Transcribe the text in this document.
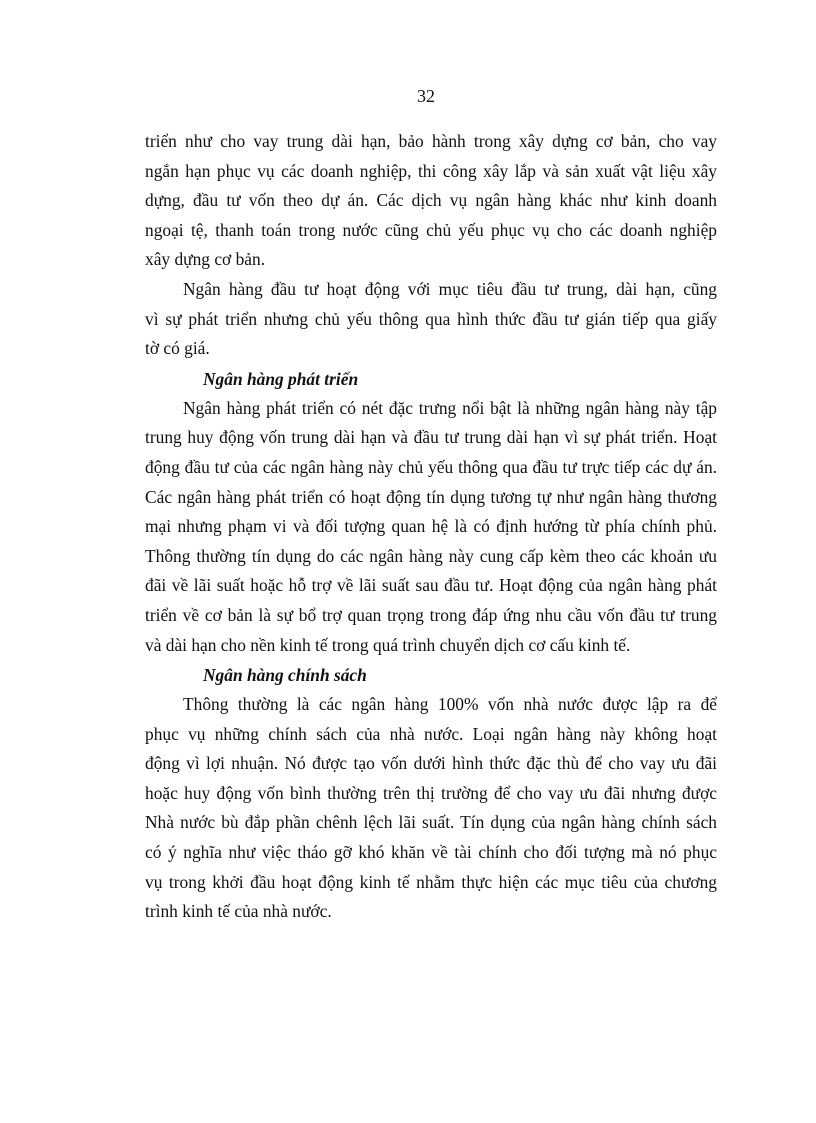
32

triển như cho vay trung dài hạn, bảo hành trong xây dựng cơ bản, cho vay
ngắn hạn phục vụ các doanh nghiệp, thi công xây lắp và sản xuất vật liệu xây
dựng, đầu tư vốn theo dự án. Các dịch vụ ngân hàng khác như kinh doanh
ngoại tệ, thanh toán trong nước cũng chủ yếu phục vụ cho các doanh nghiệp
xây dựng cơ bản.

Ngân hàng đầu tư hoạt động với mục tiêu đầu tư trung, dài hạn, cũng
vì sự phát triển nhưng chủ yếu thông qua hình thức đầu tư gián tiếp qua giấy
tờ có giá.

Ngân hàng phát triển

Ngân hàng phát triển có nét đặc trưng nổi bật là những ngân hàng này tập
trung huy động vốn trung dài hạn và đầu tư trung dài hạn vì sự phát triển. Hoạt
động đầu tư của các ngân hàng này chủ yếu thông qua đầu tư trực tiếp các dự án.
Các ngân hàng phát triển có hoạt động tín dụng tương tự như ngân hàng thương
mại nhưng phạm vi và đối tượng quan hệ là có định hướng từ phía chính phủ.
Thông thường tín dụng do các ngân hàng này cung cấp kèm theo các khoản ưu
đãi về lãi suất hoặc hỗ trợ về lãi suất sau đầu tư. Hoạt động của ngân hàng phát
triển về cơ bản là sự bổ trợ quan trọng trong đáp ứng nhu cầu vốn đầu tư trung
và dài hạn cho nền kinh tế trong quá trình chuyển dịch cơ cấu kinh tế.

Ngân hàng chính sách

Thông thường là các ngân hàng 100% vốn nhà nước được lập ra để
phục vụ những chính sách của nhà nước. Loại ngân hàng này không hoạt
động vì lợi nhuận. Nó được tạo vốn dưới hình thức đặc thù để cho vay ưu đãi
hoặc huy động vốn bình thường trên thị trường để cho vay ưu đãi nhưng được
Nhà nước bù đắp phần chênh lệch lãi suất. Tín dụng của ngân hàng chính sách
có ý nghĩa như việc tháo gỡ khó khăn về tài chính cho đối tượng mà nó phục
vụ trong khởi đầu hoạt động kinh tế nhằm thực hiện các mục tiêu của chương
trình kinh tế của nhà nước.
